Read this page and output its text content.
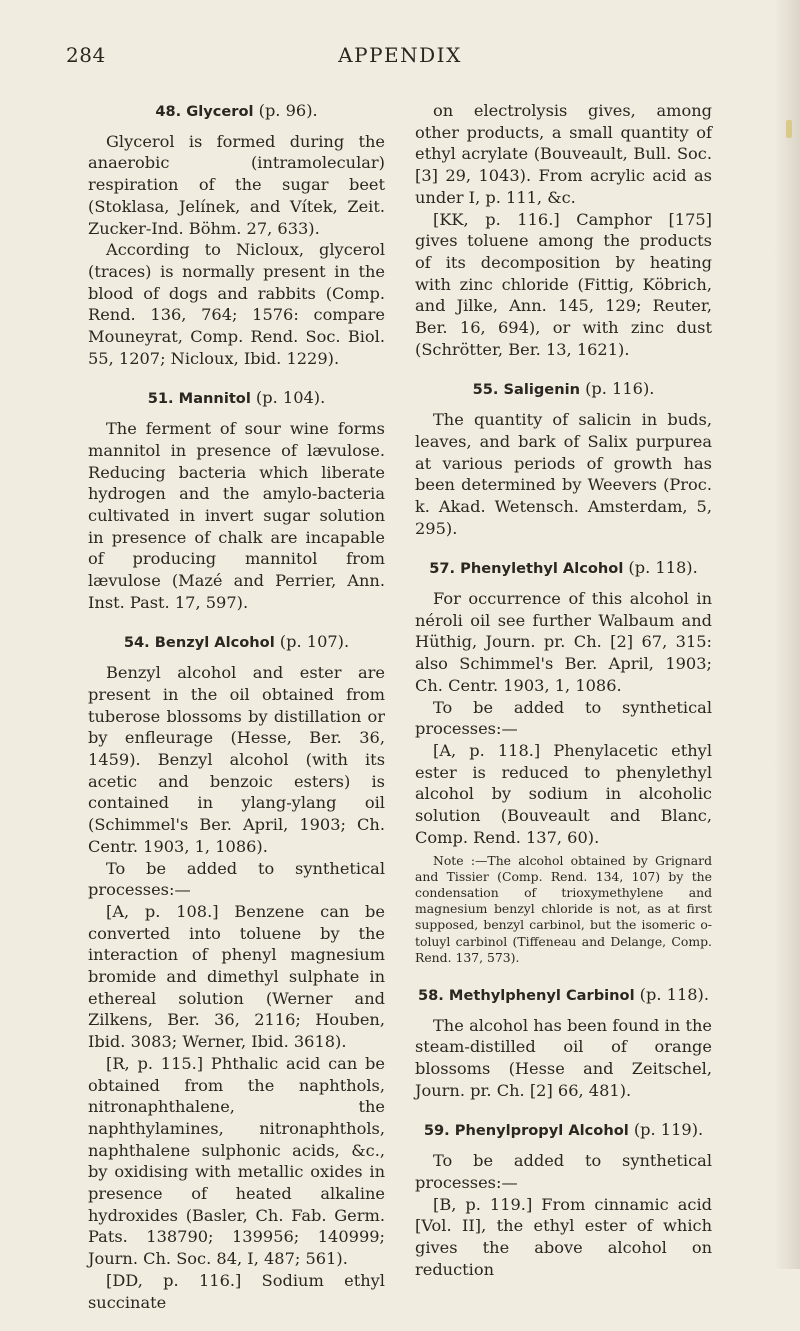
284	APPENDIX
48. Glycerol (p. 96).

Glycerol is formed during the anaerobic (intramolecular) respiration of the sugar beet (Stoklasa, Jelínek, and Vítek, Zeit. Zucker-Ind. Böhm. 27, 633).

According to Nicloux, glycerol (traces) is normally present in the blood of dogs and rabbits (Comp. Rend. 136, 764; 1576: compare Mouneyrat, Comp. Rend. Soc. Biol. 55, 1207; Nicloux, Ibid. 1229).

51. Mannitol (p. 104).

The ferment of sour wine forms mannitol in presence of lævulose. Reducing bacteria which liberate hydrogen and the amylo-bacteria cultivated in invert sugar solution in presence of chalk are incapable of producing mannitol from lævulose (Mazé and Perrier, Ann. Inst. Past. 17, 597).

54. Benzyl Alcohol (p. 107).

Benzyl alcohol and ester are present in the oil obtained from tuberose blossoms by distillation or by enfleurage (Hesse, Ber. 36, 1459). Benzyl alcohol (with its acetic and benzoic esters) is contained in ylang-ylang oil (Schimmel's Ber. April, 1903; Ch. Centr. 1903, 1, 1086).

To be added to synthetical processes:—

[A, p. 108.] Benzene can be converted into toluene by the interaction of phenyl magnesium bromide and dimethyl sulphate in ethereal solution (Werner and Zilkens, Ber. 36, 2116; Houben, Ibid. 3083; Werner, Ibid. 3618).

[R, p. 115.] Phthalic acid can be obtained from the naphthols, nitronaphthalene, the naphthylamines, nitronaphthols, naphthalene sulphonic acids, &c., by oxidising with metallic oxides in presence of heated alkaline hydroxides (Basler, Ch. Fab. Germ. Pats. 138790; 139956; 140999; Journ. Ch. Soc. 84, I, 487; 561).

[DD, p. 116.] Sodium ethyl succinate

on electrolysis gives, among other products, a small quantity of ethyl acrylate (Bouveault, Bull. Soc. [3] 29, 1043). From acrylic acid as under I, p. 111, &c.

[KK, p. 116.] Camphor [175] gives toluene among the products of its decomposition by heating with zinc chloride (Fittig, Köbrich, and Jilke, Ann. 145, 129; Reuter, Ber. 16, 694), or with zinc dust (Schrötter, Ber. 13, 1621).

55. Saligenin (p. 116).

The quantity of salicin in buds, leaves, and bark of Salix purpurea at various periods of growth has been determined by Weevers (Proc. k. Akad. Wetensch. Amsterdam, 5, 295).

57. Phenylethyl Alcohol (p. 118).

For occurrence of this alcohol in néroli oil see further Walbaum and Hüthig, Journ. pr. Ch. [2] 67, 315: also Schimmel's Ber. April, 1903; Ch. Centr. 1903, 1, 1086.

To be added to synthetical processes:—

[A, p. 118.] Phenylacetic ethyl ester is reduced to phenylethyl alcohol by sodium in alcoholic solution (Bouveault and Blanc, Comp. Rend. 137, 60).

Note :—The alcohol obtained by Grignard and Tissier (Comp. Rend. 134, 107) by the condensation of trioxymethylene and magnesium benzyl chloride is not, as at first supposed, benzyl carbinol, but the isomeric o-toluyl carbinol (Tiffeneau and Delange, Comp. Rend. 137, 573).

58. Methylphenyl Carbinol (p. 118).

The alcohol has been found in the steam-distilled oil of orange blossoms (Hesse and Zeitschel, Journ. pr. Ch. [2] 66, 481).

59. Phenylpropyl Alcohol (p. 119).

To be added to synthetical processes:—

[B, p. 119.] From cinnamic acid [Vol. II], the ethyl ester of which gives the above alcohol on reduction
